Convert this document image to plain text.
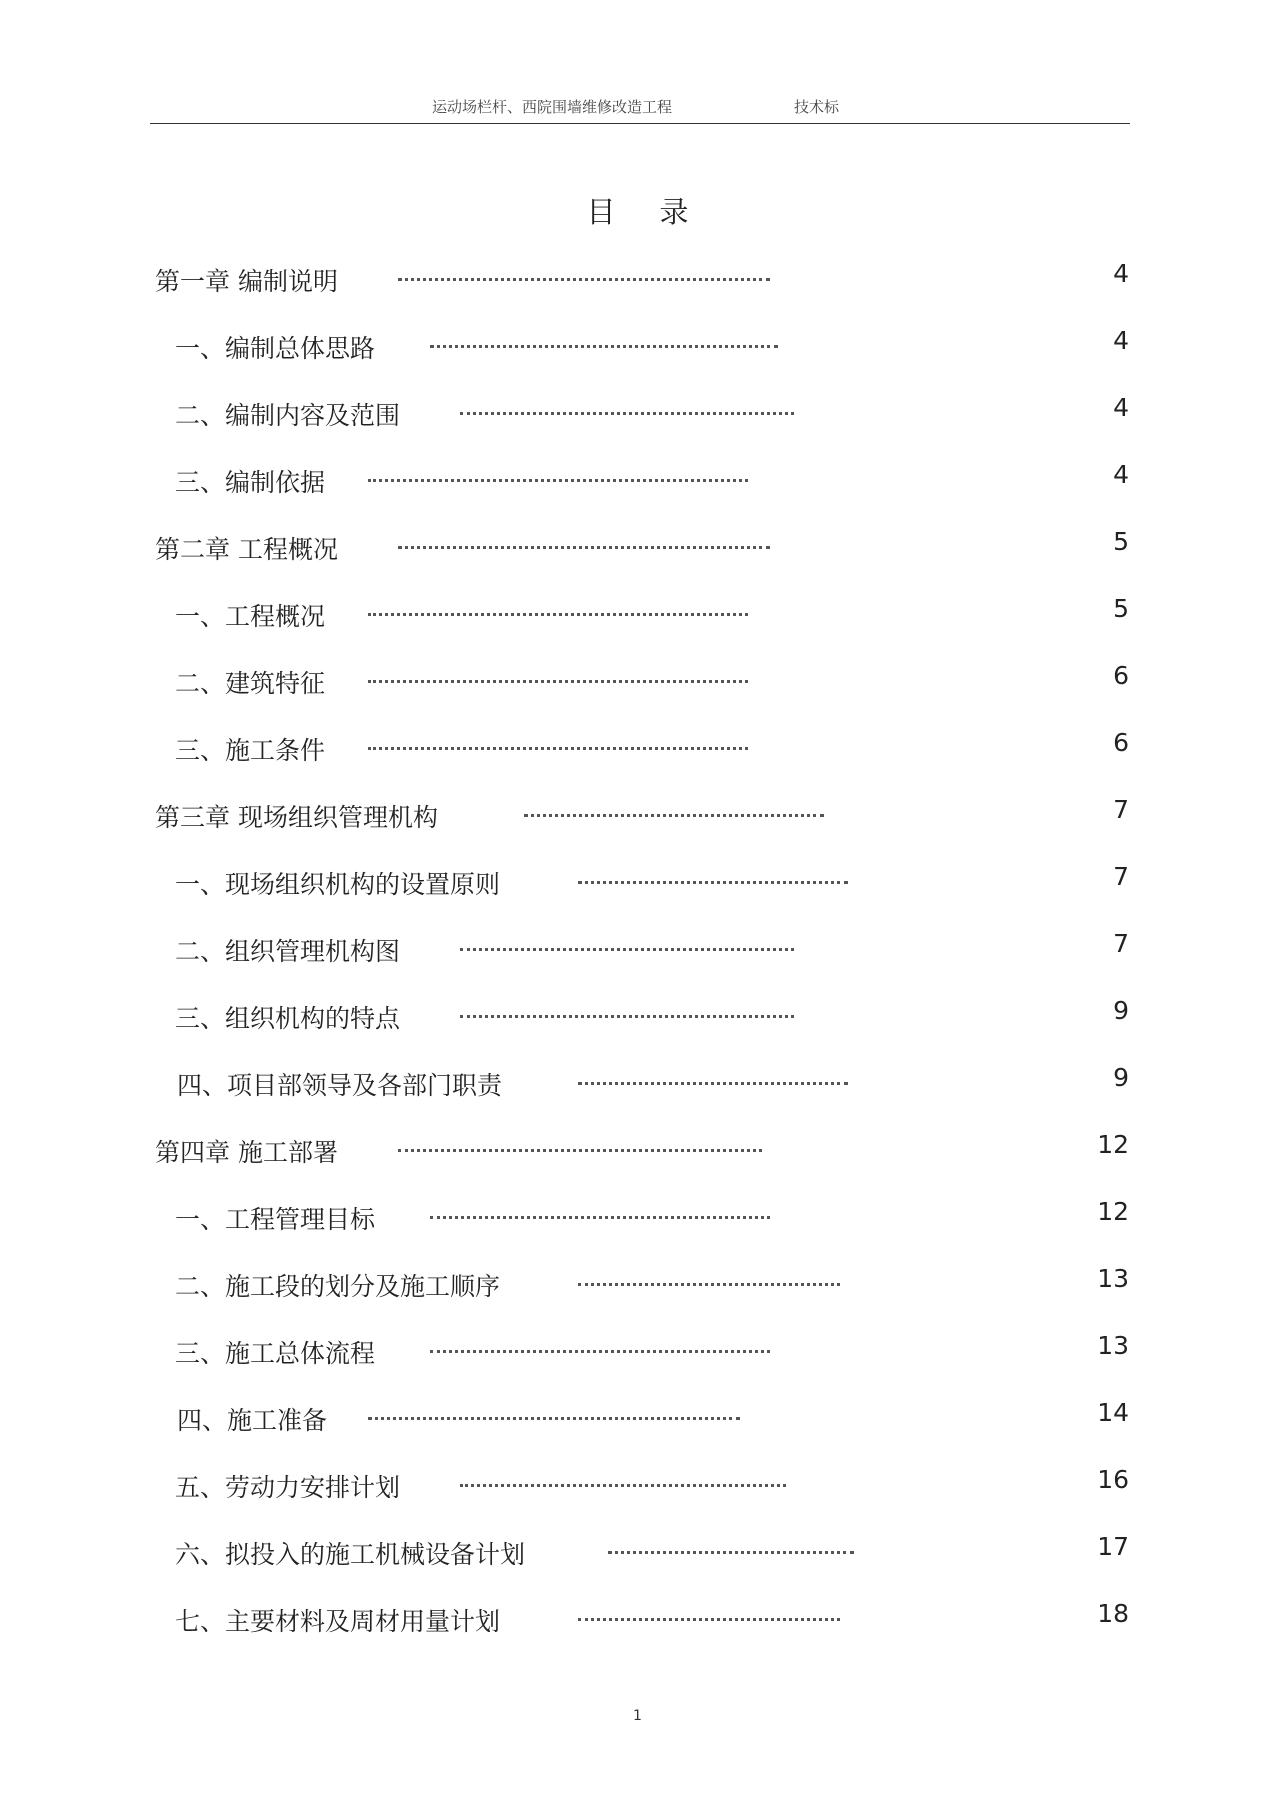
运动场栏杆、西院围墙维修改造工程	技术标
目录
第一章 编制说明	4
一、编制总体思路	4
二、编制内容及范围	4
三、编制依据	4
第二章 工程概况	5
一、工程概况	5
二、建筑特征	6
三、施工条件	6
第三章 现场组织管理机构	7
一、现场组织机构的设置原则	7
二、组织管理机构图	7
三、组织机构的特点	9
四、项目部领导及各部门职责	9
第四章 施工部署	12
一、工程管理目标	12
二、施工段的划分及施工顺序	13
三、施工总体流程	13
四、施工准备	14
五、劳动力安排计划	16
六、拟投入的施工机械设备计划	17
七、主要材料及周材用量计划	18
1
